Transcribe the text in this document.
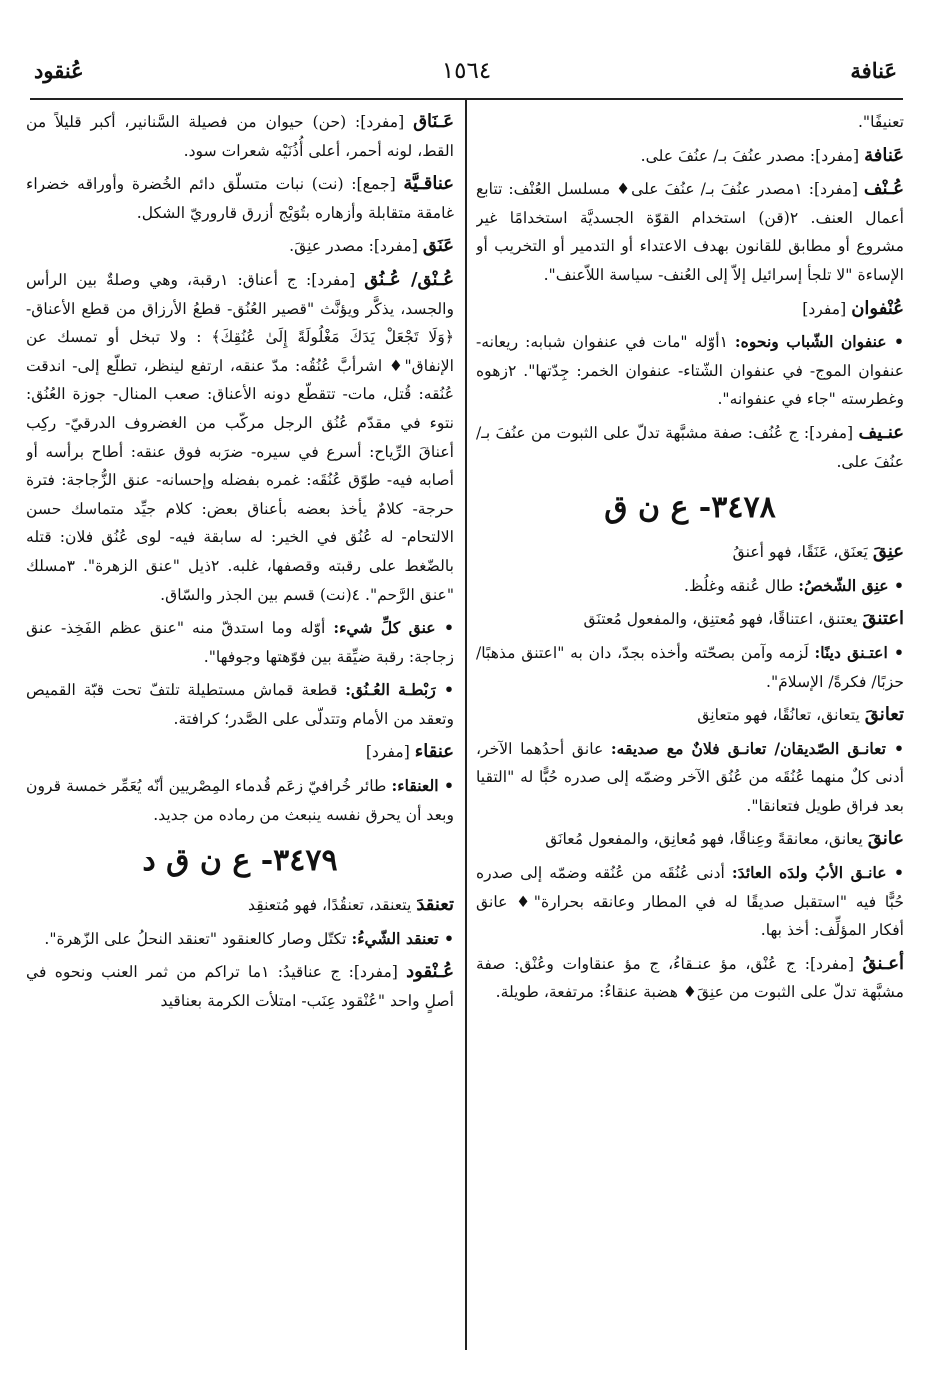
عَنافة
١٥٦٤
عُنقود

تعنيفًا".

عَنافة [مفرد]: مصدر عنُفَ بـ/ عنُفَ على.

عُـنْف [مفرد]: ١مصدر عنُفَ بـ/ عنُفَ على♦ مسلسل العُنْف: تتابع أعمال العنف. ٢(قن) استخدام القوّة الجسديَّة استخدامًا غير مشروع أو مطابق للقانون بهدف الاعتداء أو التدمير أو التخريب أو الإساءة "لا تلجأ إسرائيل إلاّ إلى العُنف- سياسة اللاّعنف".

عُنْفوان [مفرد]

• عنفوان الشّباب ونحوه: ١أوّله "مات في عنفوان شبابه: ريعانه- عنفوان الموج- في عنفوان الشّتاء- عنفوان الخمر: جِدّتها". ٢زهوه وغطرسته "جاء في عنفوانه".

عنـيف [مفرد]: ج عُنُف: صفة مشبَّهة تدلّ على الثبوت من عنُفَ بـ/ عنُفَ على.

٣٤٧٨- ع ن ق

عنِقَ يَعنَق، عَنَقًا، فهو أعنقُ

• عنِق الشّخصُ: طال عُنقه وغلُظ.

اعتنقَ يعتنق، اعتناقًا، فهو مُعتنِق، والمفعول مُعتنَق

• اعتـنق دينًا: لَزمه وآمن بصحّته وأخذه بجدّ، دان به "اعتنق مذهبًا/ حزبًا/ فكرةً/ الإسلامَ".

تعانقَ يتعانق، تعانُقًا، فهو متعانِق

• تعانـق الصّديقان/ تعانـق فلانٌ مع صديقه: عانق أحدُهما الآخر، أدنى كلٌ منهما عُنُقَه من عُنُق الآخر وضمّه إلى صدره حُبًّا له "التقيا بعد فراق طويل فتعانقا".

عانقَ يعانق، معانقةً وعِناقًا، فهو مُعانِق، والمفعول مُعانَق

• عانـق الأبُ ولدَه العائدَ: أدنى عُنُقَه من عُنُقه وضمّه إلى صدره حُبًّا فيه "استقبل صديقًا له في المطار وعانقه بحرارة"♦ عانق أفكار المؤلِّف: أخذ بها.

أعـنقُ [مفرد]: ج عُنْق، مؤ عنـقاءُ، ج مؤ عنقاوات وعُنْق: صفة مشبَّهة تدلّ على الثبوت من عنِقَ♦ هضبة عنقاءُ: مرتفعة، طويلة.

عَـنَاق [مفرد]: (حن) حيوان من فصيلة السَّنانير، أكبر قليلاً من القط، لونه أحمر، أعلى أُذُنَيْه شعرات سود.

عناقـيَّة [جمع]: (نت) نبات متسلّق دائم الخُضرة وأوراقه خضراء غامقة متقابلة وأزهاره بتُوَيْج أزرق قاروريّ الشكل.

عَنَق [مفرد]: مصدر عنِقَ.

عُـنْق/ عُـنُق [مفرد]: ج أعناق: ١رقبة، وهي وصلةٌ بين الرأس والجسد، يذكَّر ويؤنَّث "قصير العُنُق- قطعُ الأرزاق من قطع الأعناق- ﴿وَلَا تَجْعَلْ يَدَكَ مَغْلُولَةً إِلَىٰ عُنُقِكَ﴾ : ولا تبخل أو تمسك عن الإنفاق"♦ اشرأبَّ عُنُقُه: مدّ عنقه، ارتفع لينظر، تطلّع إلى- اندقت عُنُقه: قُتل، مات- تتقطّع دونه الأعناق: صعب المنال- جوزة العُنُق: نتوء في مقدّم عُنُق الرجل مركّب من الغضروف الدرقيّ- ركِب أعناقَ الرِّياح: أسرع في سيره- ضرَبه فوق عنقه: أطاح برأسه أو أصابه فيه- طوّق عُنُقَه: غمره بفضله وإحسانه- عنق الزُّجاجة: فترة حرجة- كلامٌ يأخذ بعضه بأعناق بعض: كلام جيِّد متماسك حسن الالتحام- له عُنُق في الخير: له سابقة فيه- لوى عُنُق فلان: قتله بالضّغط على رقبته وقصفها، غلبه. ٢ذيل "عنق الزهرة". ٣مسلك "عنق الرَّحم". ٤(نت) قسم بين الجذر والسّاق.

• عنق كلِّ شيء: أوّله وما استدقّ منه "عنق عظم الفَخِذ- عنق زجاجة: رقبة ضيِّقة بين فوّهتها وجوفها".

• رَبْطـة العُـنُق: قطعة قماش مستطيلة تلتفّ تحت قبّة القميص وتعقد من الأمام وتتدلّى على الصَّدر؛ كرافتة.

عنقاء [مفرد]

• العنقاء: طائر خُرافيّ زعَم قُدماء المِصْريين أنّه يُعَمِّر خمسة قرون وبعد أن يحرق نفسه ينبعث من رماده من جديد.

٣٤٧٩- ع ن ق د

تعنقدَ يتعنقد، تعنقُدًا، فهو مُتعنقِد

• تعنقد الشّيءُ: تكتّل وصار كالعنقود "تعنقد النحلُ على الزّهرة".

عُـنْقود [مفرد]: ج عناقيدُ: ١ما تراكم من ثمر العنب ونحوه في أصلٍ واحد "عُنْقود عِنَب- امتلأت الكرمة بعناقيد
